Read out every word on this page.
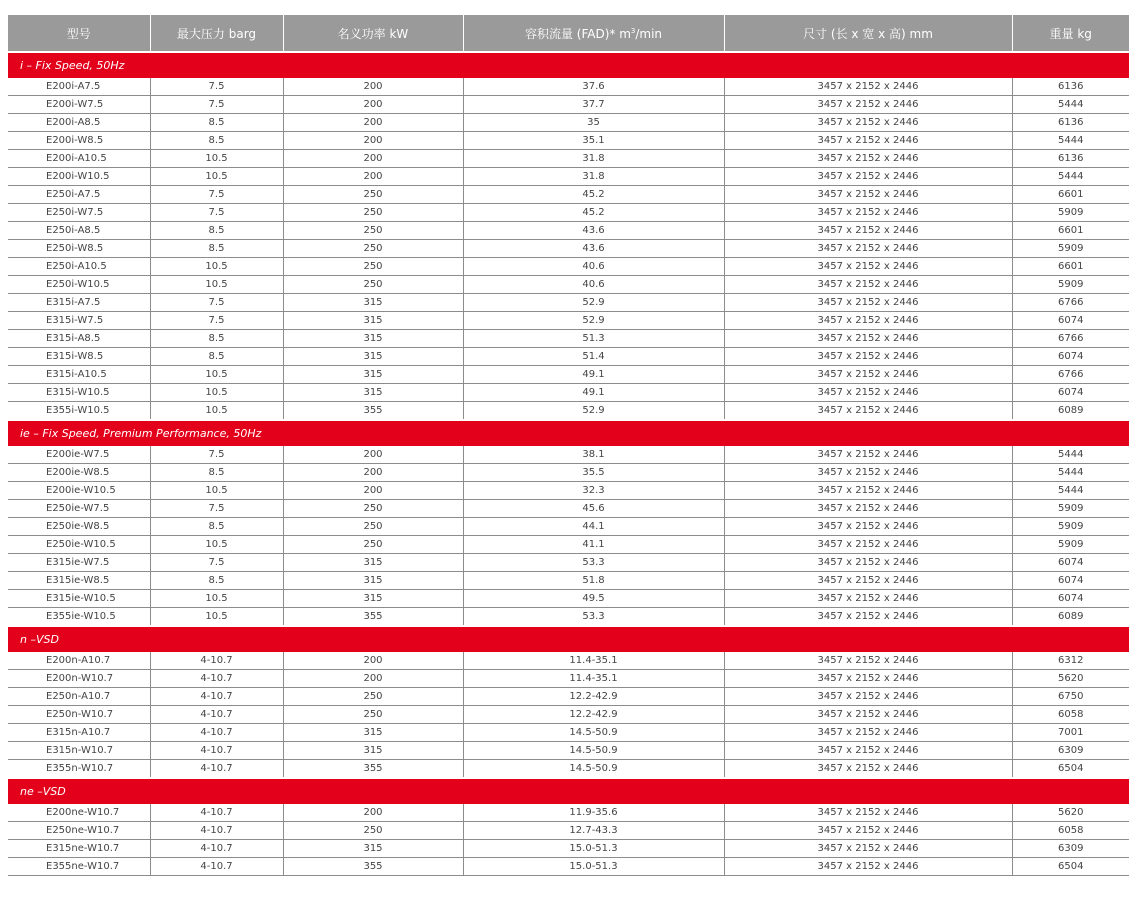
型号	最大压力 barg	名义功率 kW	容积流量 (FAD)* $m^3/\min$	尺寸 (长 x 宽 x 高) mm	重量 kg
i – Fix Speed, 50Hz					
E200i-A7.5	7.5	200	37.6	3457 x 2152 x 2446	6136
E200i-W7.5	7.5	200	37.7	3457 x 2152 x 2446	5444
E200i-A8.5	8.5	200	35	3457 x 2152 x 2446	6136
E200i-W8.5	8.5	200	35.1	3457 x 2152 x 2446	5444
E200i-A10.5	10.5	200	31.8	3457 x 2152 x 2446	6136
E200i-W10.5	10.5	200	31.8	3457 x 2152 x 2446	5444
E250i-A7.5	7.5	250	45.2	3457 x 2152 x 2446	6601
E250i-W7.5	7.5	250	45.2	3457 x 2152 x 2446	5909
E250i-A8.5	8.5	250	43.6	3457 x 2152 x 2446	6601
E250i-W8.5	8.5	250	43.6	3457 x 2152 x 2446	5909
E250i-A10.5	10.5	250	40.6	3457 x 2152 x 2446	6601
E250i-W10.5	10.5	250	40.6	3457 x 2152 x 2446	5909
E315i-A7.5	7.5	315	52.9	3457 x 2152 x 2446	6766
E315i-W7.5	7.5	315	52.9	3457 x 2152 x 2446	6074
E315i-A8.5	8.5	315	51.3	3457 x 2152 x 2446	6766
E315i-W8.5	8.5	315	51.4	3457 x 2152 x 2446	6074
E315i-A10.5	10.5	315	49.1	3457 x 2152 x 2446	6766
E315i-W10.5	10.5	315	49.1	3457 x 2152 x 2446	6074
E355i-W10.5	10.5	355	52.9	3457 x 2152 x 2446	6089
ie – Fix Speed, Premium Performance, 50Hz					
E200ie-W7.5	7.5	200	38.1	3457 x 2152 x 2446	5444
E200ie-W8.5	8.5	200	35.5	3457 x 2152 x 2446	5444
E200ie-W10.5	10.5	200	32.3	3457 x 2152 x 2446	5444
E250ie-W7.5	7.5	250	45.6	3457 x 2152 x 2446	5909
E250ie-W8.5	8.5	250	44.1	3457 x 2152 x 2446	5909
E250ie-W10.5	10.5	250	41.1	3457 x 2152 x 2446	5909
E315ie-W7.5	7.5	315	53.3	3457 x 2152 x 2446	6074
E315ie-W8.5	8.5	315	51.8	3457 x 2152 x 2446	6074
E315ie-W10.5	10.5	315	49.5	3457 x 2152 x 2446	6074
E355ie-W10.5	10.5	355	53.3	3457 x 2152 x 2446	6089
n –VSD					
E200n-A10.7	4-10.7	200	11.4-35.1	3457 x 2152 x 2446	6312
E200n-W10.7	4-10.7	200	11.4-35.1	3457 x 2152 x 2446	5620
E250n-A10.7	4-10.7	250	12.2-42.9	3457 x 2152 x 2446	6750
E250n-W10.7	4-10.7	250	12.2-42.9	3457 x 2152 x 2446	6058
E315n-A10.7	4-10.7	315	14.5-50.9	3457 x 2152 x 2446	7001
E315n-W10.7	4-10.7	315	14.5-50.9	3457 x 2152 x 2446	6309
E355n-W10.7	4-10.7	355	14.5-50.9	3457 x 2152 x 2446	6504
ne –VSD					
E200ne-W10.7	4-10.7	200	11.9-35.6	3457 x 2152 x 2446	5620
E250ne-W10.7	4-10.7	250	12.7-43.3	3457 x 2152 x 2446	6058
E315ne-W10.7	4-10.7	315	15.0-51.3	3457 x 2152 x 2446	6309
E355ne-W10.7	4-10.7	355	15.0-51.3	3457 x 2152 x 2446	6504
